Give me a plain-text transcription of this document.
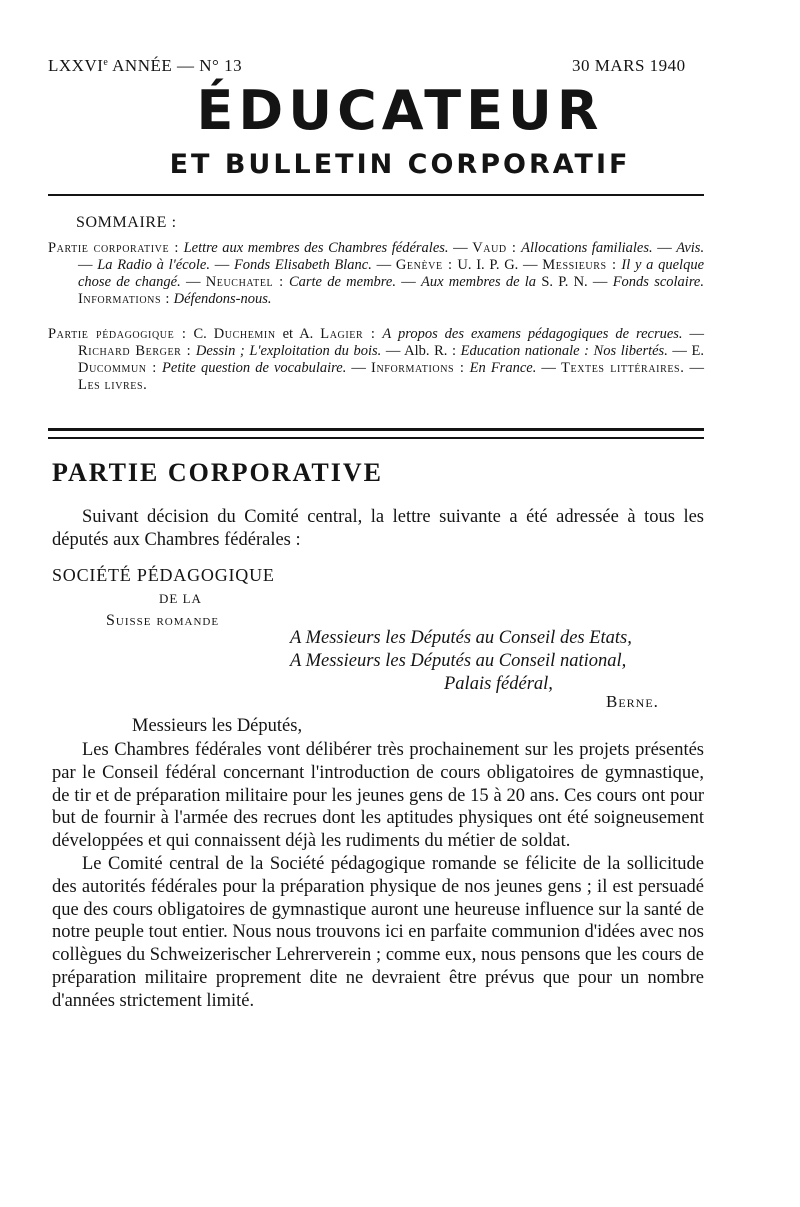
LXXVIe ANNÉE — N° 13	30 MARS 1940
ÉDUCATEUR
ET BULLETIN CORPORATIF
SOMMAIRE :

Partie corporative : Lettre aux membres des Chambres fédérales. — Vaud : Allocations familiales. — Avis. — La Radio à l'école. — Fonds Elisabeth Blanc. — Genève : U. I. P. G. — Messieurs : Il y a quelque chose de changé. — Neuchatel : Carte de membre. — Aux membres de la S. P. N. — Fonds scolaire. Informations : Défendons-nous.

Partie pédagogique : C. Duchemin et A. Lagier : A propos des examens pédagogiques de recrues. — Richard Berger : Dessin ; L'exploitation du bois. — Alb. R. : Education nationale : Nos libertés. — E. Ducommun : Petite question de vocabulaire. — Informations : En France. — Textes littéraires. — Les livres.

PARTIE CORPORATIVE

Suivant décision du Comité central, la lettre suivante a été adressée à tous les députés aux Chambres fédérales :

SOCIÉTÉ PÉDAGOGIQUE
DE LA
Suisse romande
A Messieurs les Députés au Conseil des Etats,
A Messieurs les Députés au Conseil national,
Palais fédéral,
Berne.
Messieurs les Députés,

Les Chambres fédérales vont délibérer très prochainement sur les projets présentés par le Conseil fédéral concernant l'introduction de cours obligatoires de gymnastique, de tir et de préparation militaire pour les jeunes gens de 15 à 20 ans. Ces cours ont pour but de fournir à l'armée des recrues dont les aptitudes physiques ont été soigneusement développées et qui connaissent déjà les rudiments du métier de soldat.

Le Comité central de la Société pédagogique romande se félicite de la sollicitude des autorités fédérales pour la préparation physique de nos jeunes gens ; il est persuadé que des cours obligatoires de gymnastique auront une heureuse influence sur la santé de notre peuple tout entier. Nous nous trouvons ici en parfaite communion d'idées avec nos collègues du Schweizerischer Lehrerverein ; comme eux, nous pensons que les cours de préparation militaire proprement dite ne devraient être prévus que pour un nombre d'années strictement limité.
